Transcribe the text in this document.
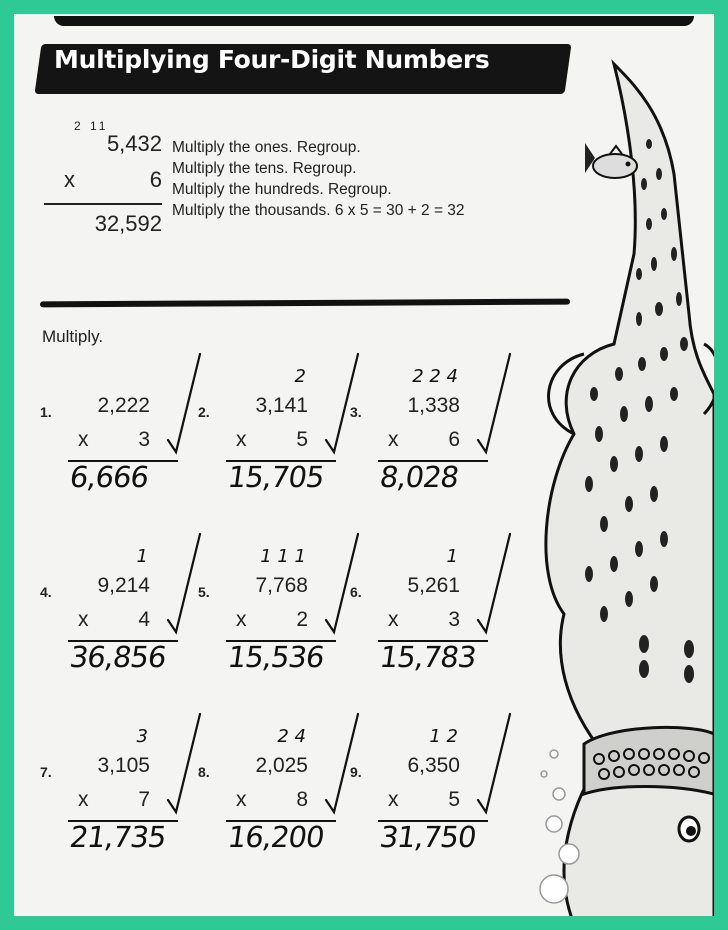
Multiplying Four-Digit Numbers
2 11
5,432
x	6
32,592
Multiply the ones. Regroup.
Multiply the tens. Regroup.
Multiply the hundreds. Regroup.
Multiply the thousands. 6 x 5 = 30 + 2 = 32
Multiply.
1. 2,222
x 3
6,666
2.
2
3,141
x 5
15,705
3.
2 2 4
1,338
x 6
8,028
4.
1
9,214
x 4
36,856
5.
1 1 1
7,768
x 2
15,536
6.
1
5,261
x 3
15,783
7.
3
3,105
x 7
21,735
8.
2 4
2,025
x 8
16,200
9.
1 2
6,350
x 5
31,750
